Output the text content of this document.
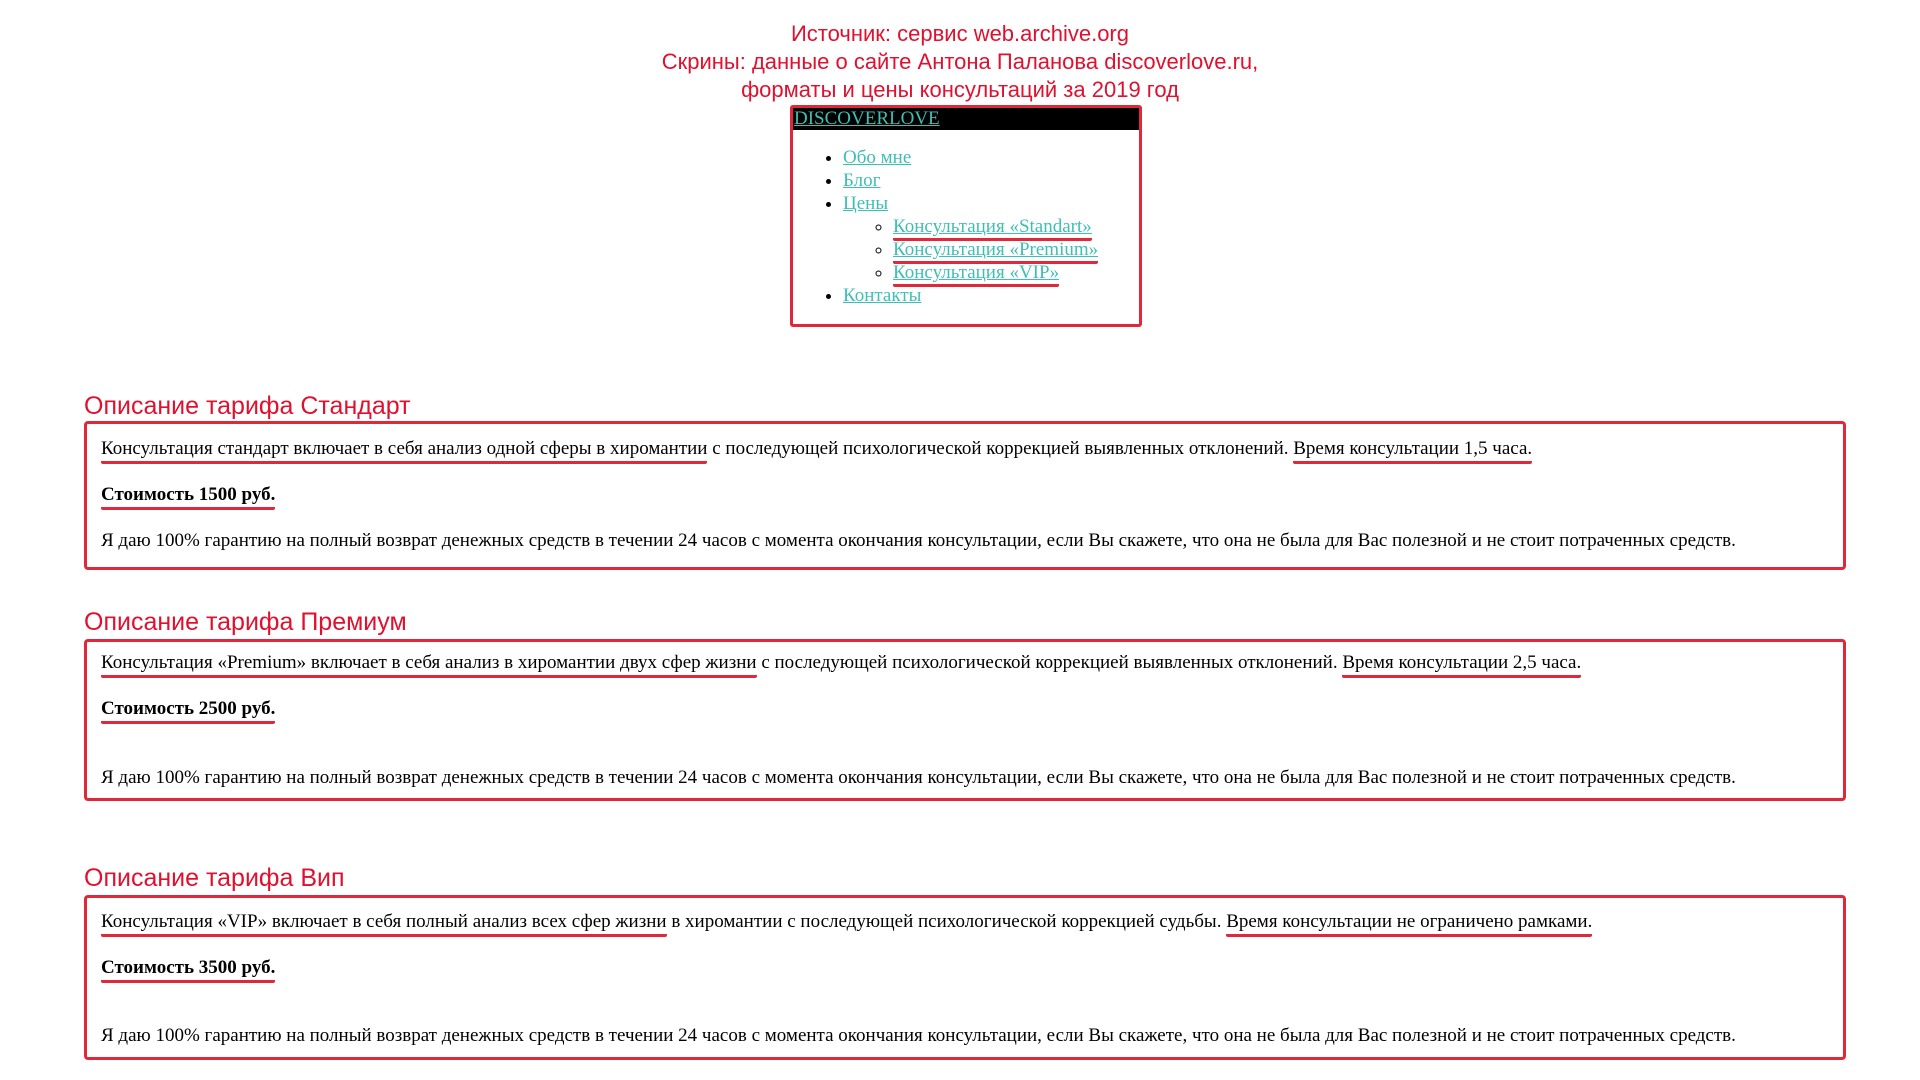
Источник: сервис web.archive.org
Скрины: данные о сайте Антона Паланова discoverlove.ru,
форматы и цены консультаций за 2019 год
DISCOVERLOVE
• Обо мне
• Блог
• Цены
◦ Консультация «Standart»
◦ Консультация «Premium»
◦ Консультация «VIP»
• Контакты
Описание тарифа Стандарт

Консультация стандарт включает в себя анализ одной сферы в хиромантии с последующей психологической коррекцией выявленных отклонений. Время консультации 1,5 часа.

Стоимость 1500 руб.

Я даю 100% гарантию на полный возврат денежных средств в течении 24 часов с момента окончания консультации, если Вы скажете, что она не была для Вас полезной и не стоит потраченных средств.

Описание тарифа Премиум

Консультация «Premium» включает в себя анализ в хиромантии двух сфер жизни с последующей психологической коррекцией выявленных отклонений. Время консультации 2,5 часа.

Стоимость 2500 руб.

Я даю 100% гарантию на полный возврат денежных средств в течении 24 часов с момента окончания консультации, если Вы скажете, что она не была для Вас полезной и не стоит потраченных средств.

Описание тарифа Вип

Консультация «VIP» включает в себя полный анализ всех сфер жизни в хиромантии с последующей психологической коррекцией судьбы. Время консультации не ограничено рамками.

Стоимость 3500 руб.

Я даю 100% гарантию на полный возврат денежных средств в течении 24 часов с момента окончания консультации, если Вы скажете, что она не была для Вас полезной и не стоит потраченных средств.
